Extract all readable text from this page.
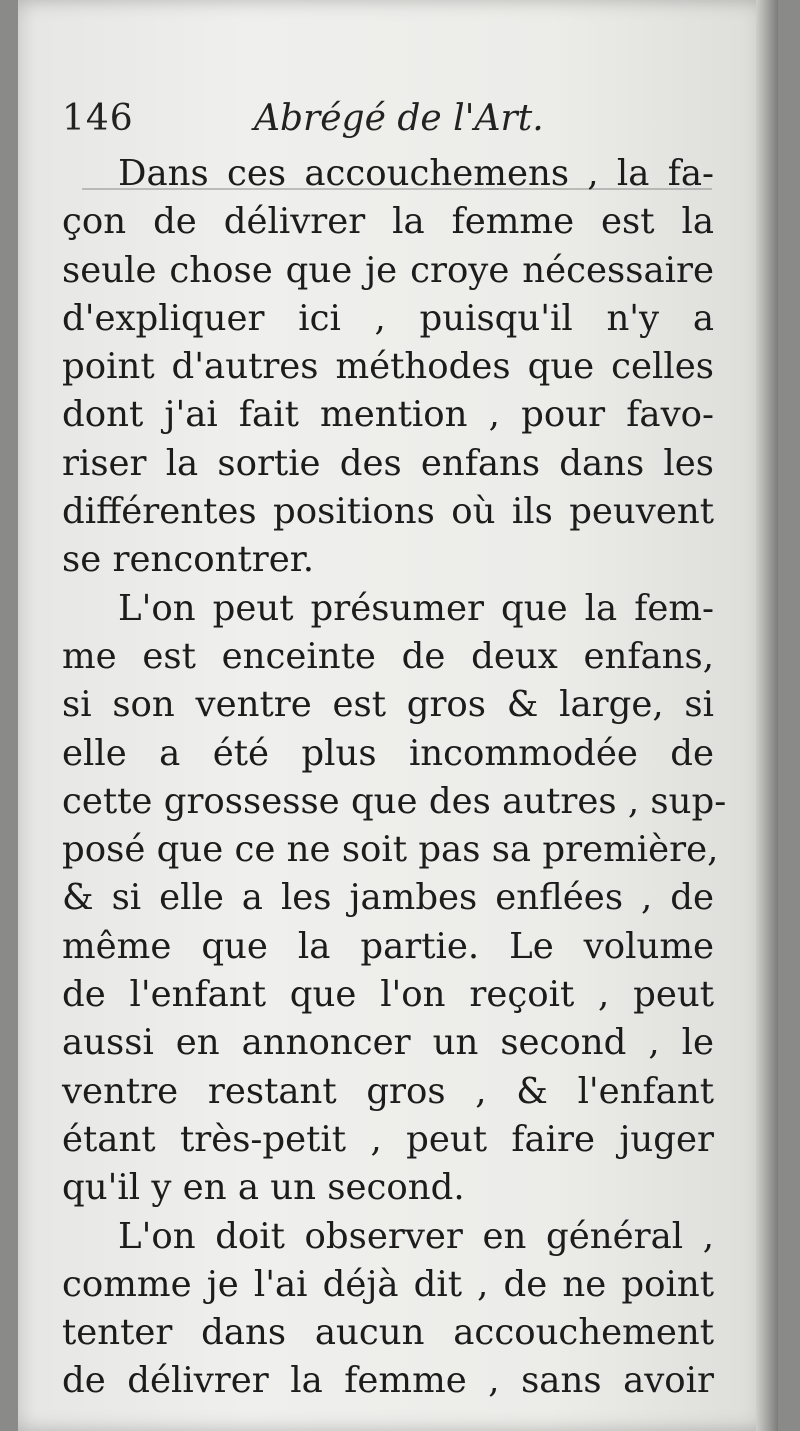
146	Abrégé de l'Art.
Dans ces accouchemens , la fa-
çon de délivrer la femme est la
seule chose que je croye nécessaire
d'expliquer ici , puisqu'il n'y a
point d'autres méthodes que celles
dont j'ai fait mention , pour favo-
riser la sortie des enfans dans les
différentes positions où ils peuvent
se rencontrer.
L'on peut présumer que la fem-
me est enceinte de deux enfans,
si son ventre est gros & large, si
elle a été plus incommodée de
cette grossesse que des autres , sup-
posé que ce ne soit pas sa première,
& si elle a les jambes enflées , de
même que la partie. Le volume
de l'enfant que l'on reçoit , peut
aussi en annoncer un second , le
ventre restant gros , & l'enfant
étant très-petit , peut faire juger
qu'il y en a un second.
L'on doit observer en général ,
comme je l'ai déjà dit , de ne point
tenter dans aucun accouchement
de délivrer la femme , sans avoir
